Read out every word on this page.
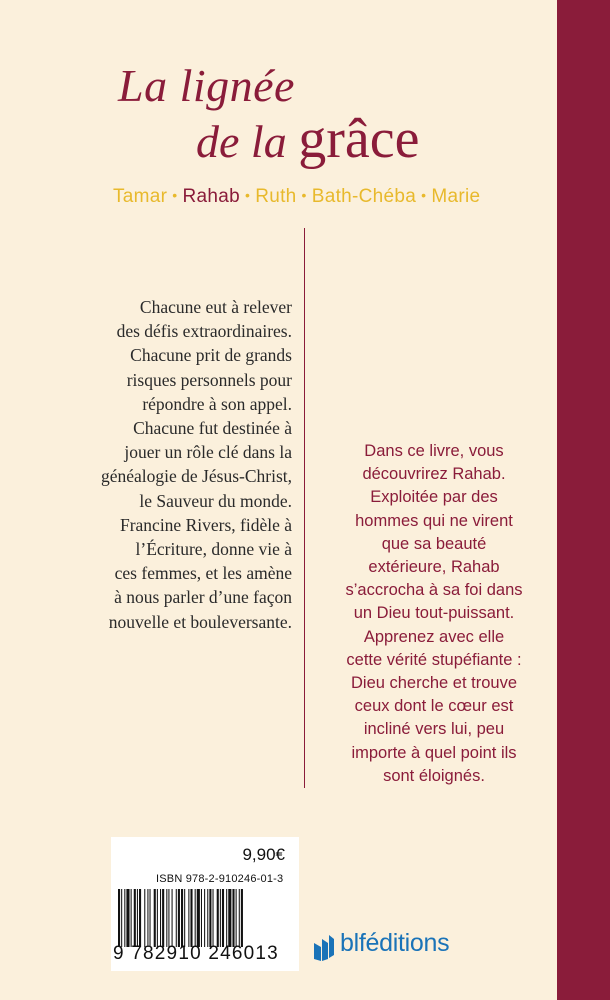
La lignée
de la grâce
Tamar • Rahab • Ruth • Bath-Chéba • Marie
Chacune eut à relever
des défis extraordinaires.
Chacune prit de grands
risques personnels pour
répondre à son appel.
Chacune fut destinée à
jouer un rôle clé dans la
généalogie de Jésus-Christ,
le Sauveur du monde.
Francine Rivers, fidèle à
l’Écriture, donne vie à
ces femmes, et les amène
à nous parler d’une façon
nouvelle et bouleversante.
Dans ce livre, vous
découvrirez Rahab.
Exploitée par des
hommes qui ne virent
que sa beauté
extérieure, Rahab
s’accrocha à sa foi dans
un Dieu tout-puissant.
Apprenez avec elle
cette vérité stupéfiante :
Dieu cherche et trouve
ceux dont le cœur est
incliné vers lui, peu
importe à quel point ils
sont éloignés.
9,90€
ISBN 978-2-910246-01-3
9 782910 246013	blféditions
